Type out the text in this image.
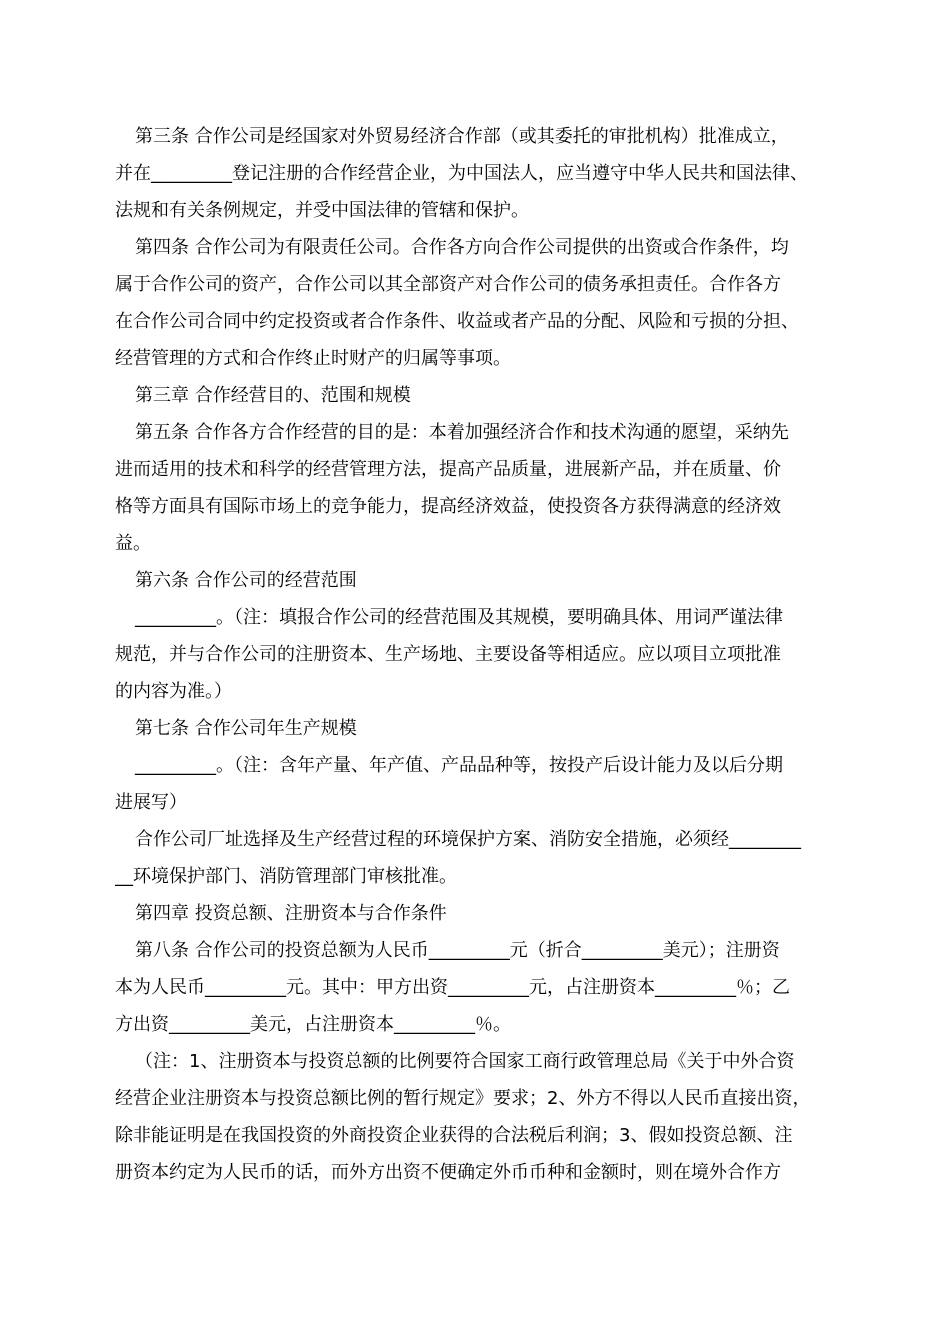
第三条 合作公司是经国家对外贸易经济合作部（或其委托的审批机构）批准成立，
并在_________登记注册的合作经营企业，为中国法人，应当遵守中华人民共和国法律、
法规和有关条例规定，并受中国法律的管辖和保护。
第四条 合作公司为有限责任公司。合作各方向合作公司提供的出资或合作条件，均
属于合作公司的资产，合作公司以其全部资产对合作公司的债务承担责任。合作各方
在合作公司合同中约定投资或者合作条件、收益或者产品的分配、风险和亏损的分担、
经营管理的方式和合作终止时财产的归属等事项。
第三章 合作经营目的、范围和规模
第五条 合作各方合作经营的目的是：本着加强经济合作和技术沟通的愿望，采纳先
进而适用的技术和科学的经营管理方法，提高产品质量，进展新产品，并在质量、价
格等方面具有国际市场上的竞争能力，提高经济效益，使投资各方获得满意的经济效
益。
第六条 合作公司的经营范围
_________。（注：填报合作公司的经营范围及其规模，要明确具体、用词严谨法律
规范，并与合作公司的注册资本、生产场地、主要设备等相适应。应以项目立项批准
的内容为准。）
第七条 合作公司年生产规模
_________。（注：含年产量、年产值、产品品种等，按投产后设计能力及以后分期
进展写）
合作公司厂址选择及生产经营过程的环境保护方案、消防安全措施，必须经________
__环境保护部门、消防管理部门审核批准。
第四章 投资总额、注册资本与合作条件
第八条 合作公司的投资总额为人民币_________元（折合_________美元）；注册资
本为人民币_________元。其中：甲方出资_________元，占注册资本_________％；乙
方出资_________美元，占注册资本_________％。
（注：1、注册资本与投资总额的比例要符合国家工商行政管理总局《关于中外合资
经营企业注册资本与投资总额比例的暂行规定》要求；2、外方不得以人民币直接出资，
除非能证明是在我国投资的外商投资企业获得的合法税后利润；3、假如投资总额、注
册资本约定为人民币的话，而外方出资不便确定外币币种和金额时，则在境外合作方
